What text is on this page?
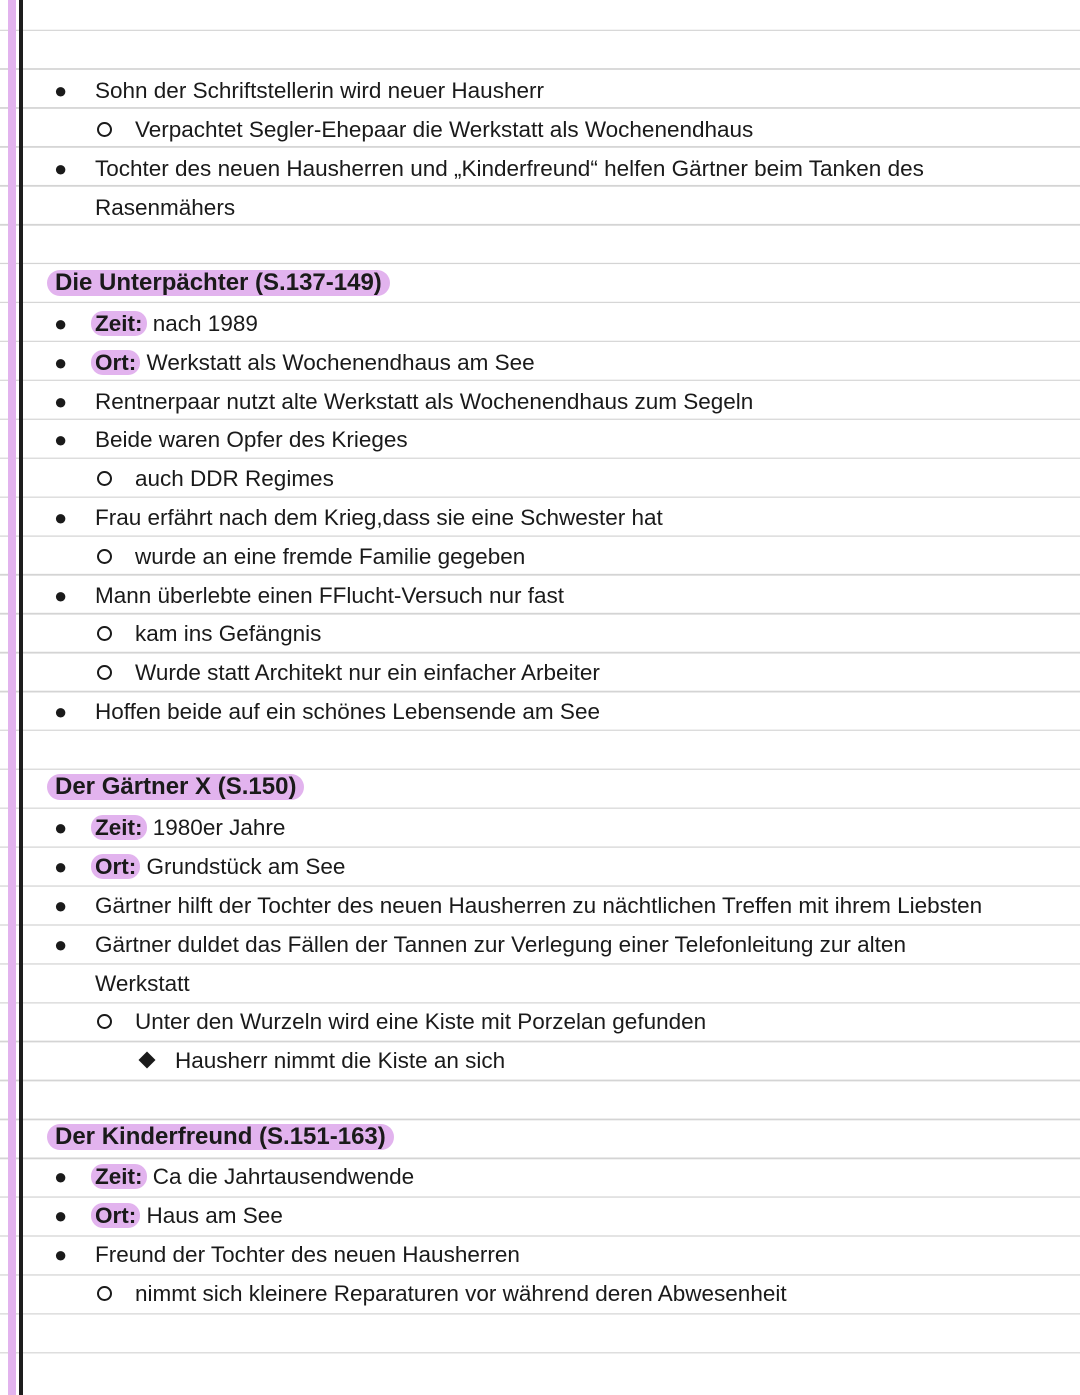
● Sohn der Schriftstellerin wird neuer Hausherr
Verpachtet Segler-Ehepaar die Werkstatt als Wochenendhaus
● Tochter des neuen Hausherren und „Kinderfreund“ helfen Gärtner beim Tanken des
Rasenmähers
Die Unterpächter (S.137-149)
● Zeit: nach 1989
● Ort: Werkstatt als Wochenendhaus am See
● Rentnerpaar nutzt alte Werkstatt als Wochenendhaus zum Segeln
● Beide waren Opfer des Krieges
auch DDR Regimes
● Frau erfährt nach dem Krieg,dass sie eine Schwester hat
wurde an eine fremde Familie gegeben
● Mann überlebte einen FFlucht-Versuch nur fast
kam ins Gefängnis
Wurde statt Architekt nur ein einfacher Arbeiter
● Hoffen beide auf ein schönes Lebensende am See
Der Gärtner X (S.150)
● Zeit: 1980er Jahre
● Ort: Grundstück am See
● Gärtner hilft der Tochter des neuen Hausherren zu nächtlichen Treffen mit ihrem Liebsten
● Gärtner duldet das Fällen der Tannen zur Verlegung einer Telefonleitung zur alten
Werkstatt
Unter den Wurzeln wird eine Kiste mit Porzelan gefunden
Hausherr nimmt die Kiste an sich
Der Kinderfreund (S.151-163)
● Zeit: Ca die Jahrtausendwende
● Ort: Haus am See
● Freund der Tochter des neuen Hausherren
nimmt sich kleinere Reparaturen vor während deren Abwesenheit
